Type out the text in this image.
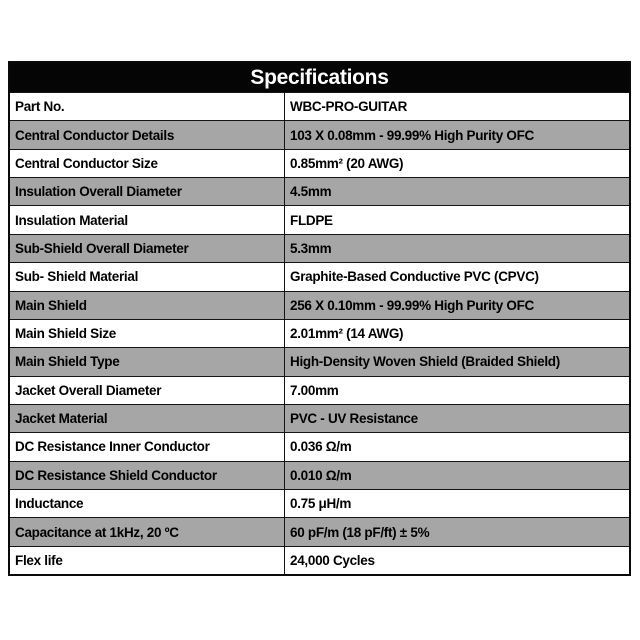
Specifications
Part No.	WBC-PRO-GUITAR
Central Conductor Details	103 X 0.08mm - 99.99% High Purity OFC
Central Conductor Size	0.85mm² (20 AWG)
Insulation Overall Diameter	4.5mm
Insulation Material	FLDPE
Sub-Shield Overall Diameter	5.3mm
Sub- Shield Material	Graphite-Based Conductive PVC (CPVC)
Main Shield	256 X 0.10mm - 99.99% High Purity OFC
Main Shield Size	2.01mm² (14 AWG)
Main Shield Type	High-Density Woven Shield (Braided Shield)
Jacket Overall Diameter	7.00mm
Jacket Material	PVC - UV Resistance
DC Resistance Inner Conductor	0.036 Ω/m
DC Resistance Shield Conductor	0.010 Ω/m
Inductance	0.75 μH/m
Capacitance at 1kHz, 20 ºC	60 pF/m (18 pF/ft) ± 5%
Flex life	24,000 Cycles
